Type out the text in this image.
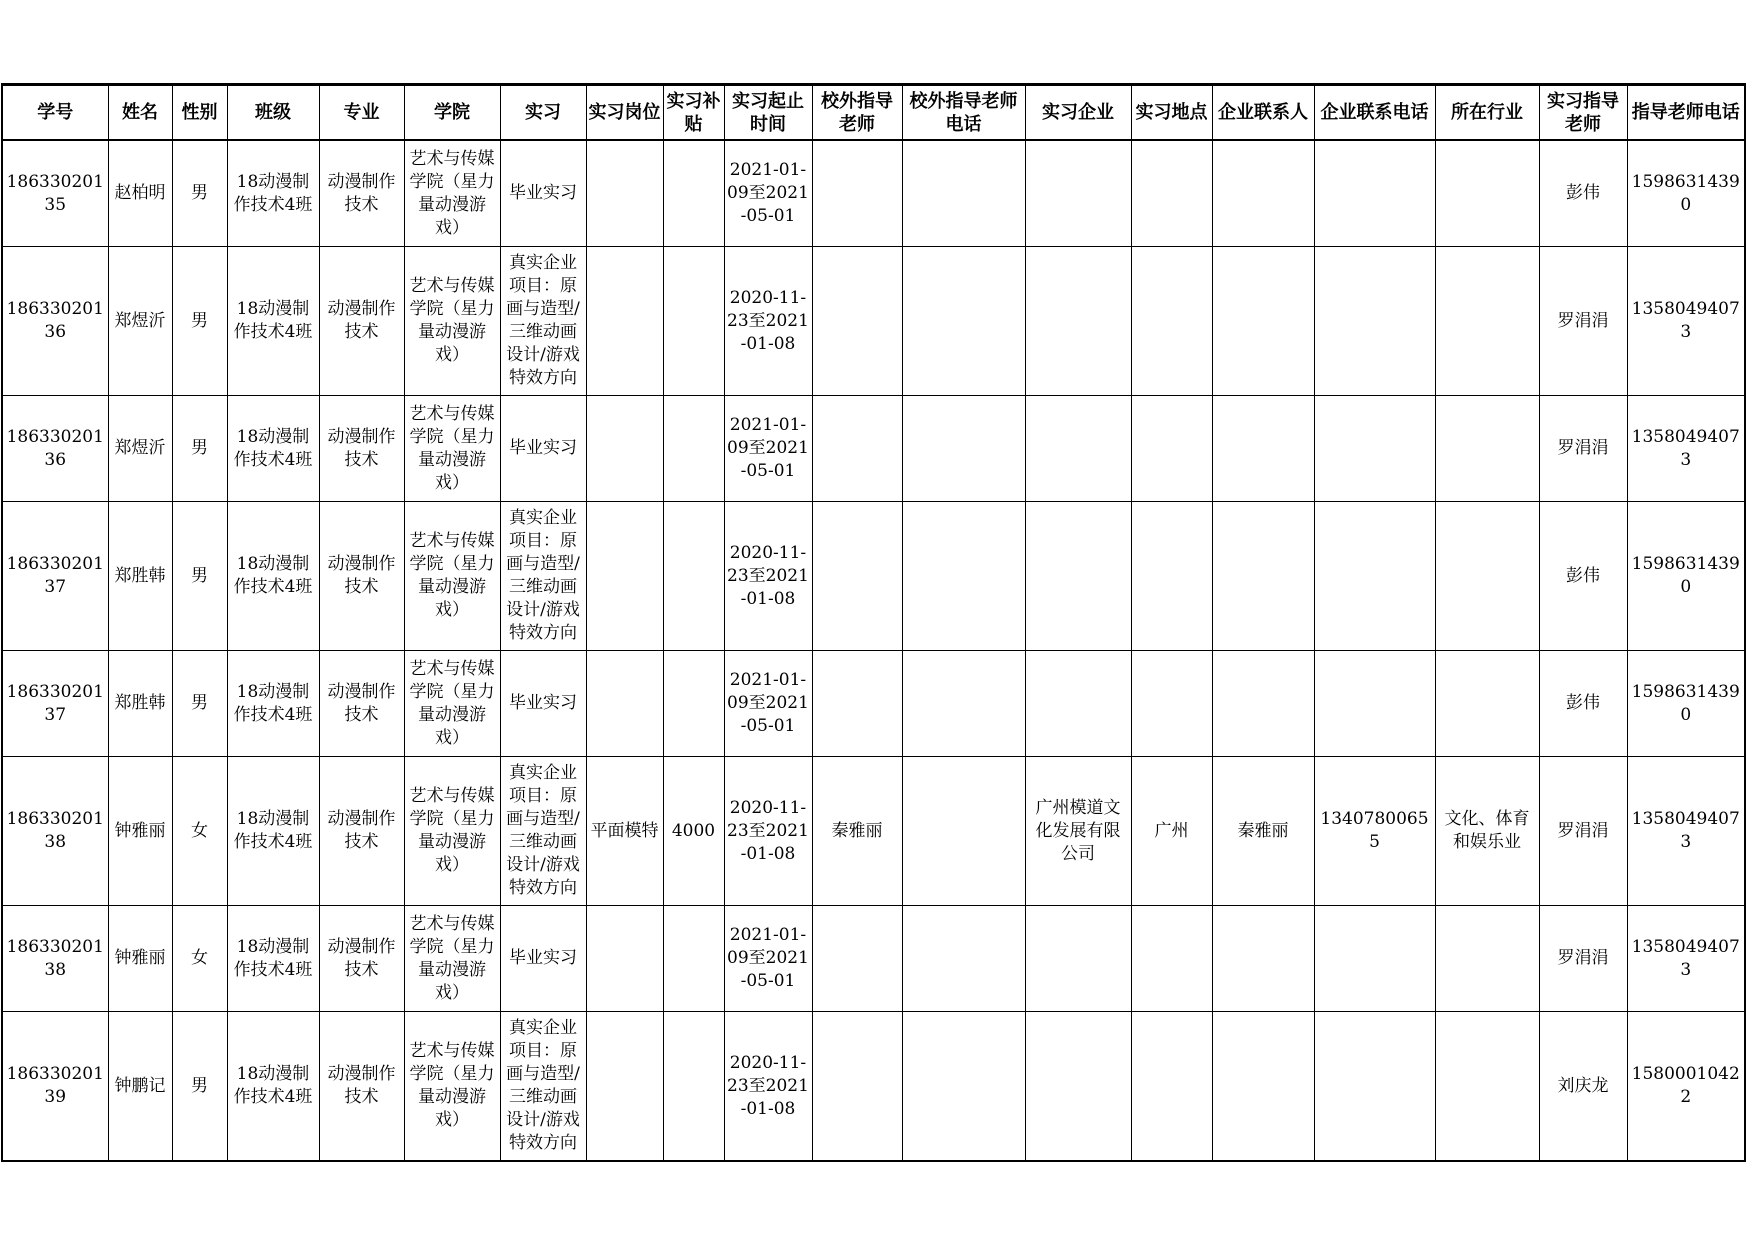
学号	姓名	性别	班级	专业	学院	实习	实习岗位	实习补贴	实习起止时间	校外指导老师	校外指导老师电话	实习企业	实习地点	企业联系人	企业联系电话	所在行业	实习指导老师	指导老师电话

18633020135	赵柏明	男	18动漫制作技术4班	动漫制作技术	艺术与传媒学院（星力量动漫游戏）	毕业实习			2021-01-09至2021-05-01								彭伟	15986314390

18633020136	郑煜沂	男	18动漫制作技术4班	动漫制作技术	艺术与传媒学院（星力量动漫游戏）	真实企业项目：原画与造型/三维动画设计/游戏特效方向			2020-11-23至2021-01-08								罗涓涓	13580494073

18633020136	郑煜沂	男	18动漫制作技术4班	动漫制作技术	艺术与传媒学院（星力量动漫游戏）	毕业实习			2021-01-09至2021-05-01								罗涓涓	13580494073

18633020137	郑胜韩	男	18动漫制作技术4班	动漫制作技术	艺术与传媒学院（星力量动漫游戏）	真实企业项目：原画与造型/三维动画设计/游戏特效方向			2020-11-23至2021-01-08								彭伟	15986314390

18633020137	郑胜韩	男	18动漫制作技术4班	动漫制作技术	艺术与传媒学院（星力量动漫游戏）	毕业实习			2021-01-09至2021-05-01								彭伟	15986314390

18633020138	钟雅丽	女	18动漫制作技术4班	动漫制作技术	艺术与传媒学院（星力量动漫游戏）	真实企业项目：原画与造型/三维动画设计/游戏特效方向	平面模特	4000	2020-11-23至2021-01-08	秦雅丽		广州模道文化发展有限公司	广州	秦雅丽	13407800655	文化、体育和娱乐业	罗涓涓	13580494073

18633020138	钟雅丽	女	18动漫制作技术4班	动漫制作技术	艺术与传媒学院（星力量动漫游戏）	毕业实习			2021-01-09至2021-05-01								罗涓涓	13580494073

18633020139	钟鹏记	男	18动漫制作技术4班	动漫制作技术	艺术与传媒学院（星力量动漫游戏）	真实企业项目：原画与造型/三维动画设计/游戏特效方向			2020-11-23至2021-01-08								刘庆龙	15800010422
